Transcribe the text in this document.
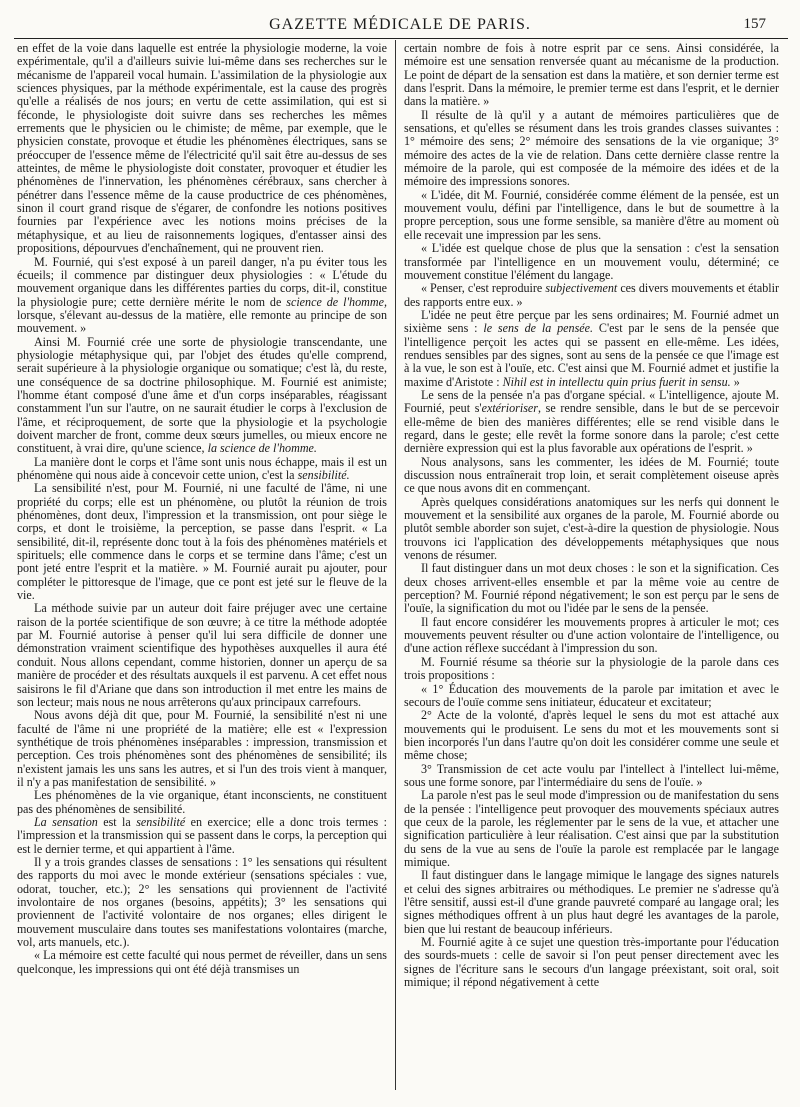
GAZETTE MÉDICALE DE PARIS.	157

en effet de la voie dans laquelle est entrée la physiologie moderne, la voie expérimentale, qu'il a d'ailleurs suivie lui-même dans ses recherches sur le mécanisme de l'appareil vocal humain. L'assimilation de la physiologie aux sciences physiques, par la méthode expérimentale, est la cause des progrès qu'elle a réalisés de nos jours; en vertu de cette assimilation, qui est si féconde, le physiologiste doit suivre dans ses recherches les mêmes errements que le physicien ou le chimiste; de même, par exemple, que le physicien constate, provoque et étudie les phénomènes électriques, sans se préoccuper de l'essence même de l'électricité qu'il sait être au-dessus de ses atteintes, de même le physiologiste doit constater, provoquer et étudier les phénomènes de l'innervation, les phénomènes cérébraux, sans chercher à pénétrer dans l'essence même de la cause productrice de ces phénomènes, sinon il court grand risque de s'égarer, de confondre les notions positives fournies par l'expérience avec les notions moins précises de la métaphysique, et au lieu de raisonnements logiques, d'entasser ainsi des propositions, dépourvues d'enchaînement, qui ne prouvent rien.

M. Fournié, qui s'est exposé à un pareil danger, n'a pu éviter tous les écueils; il commence par distinguer deux physiologies : « L'étude du mouvement organique dans les différentes parties du corps, dit-il, constitue la physiologie pure; cette dernière mérite le nom de science de l'homme, lorsque, s'élevant au-dessus de la matière, elle remonte au principe de son mouvement. »

Ainsi M. Fournié crée une sorte de physiologie transcendante, une physiologie métaphysique qui, par l'objet des études qu'elle comprend, serait supérieure à la physiologie organique ou somatique; c'est là, du reste, une conséquence de sa doctrine philosophique. M. Fournié est animiste; l'homme étant composé d'une âme et d'un corps inséparables, réagissant constamment l'un sur l'autre, on ne saurait étudier le corps à l'exclusion de l'âme, et réciproquement, de sorte que la physiologie et la psychologie doivent marcher de front, comme deux sœurs jumelles, ou mieux encore ne constituent, à vrai dire, qu'une science, la science de l'homme.

La manière dont le corps et l'âme sont unis nous échappe, mais il est un phénomène qui nous aide à concevoir cette union, c'est la sensibilité.

La sensibilité n'est, pour M. Fournié, ni une faculté de l'âme, ni une propriété du corps; elle est un phénomène, ou plutôt la réunion de trois phénomènes, dont deux, l'impression et la transmission, ont pour siège le corps, et dont le troisième, la perception, se passe dans l'esprit. « La sensibilité, dit-il, représente donc tout à la fois des phénomènes matériels et spirituels; elle commence dans le corps et se termine dans l'âme; c'est un pont jeté entre l'esprit et la matière. » M. Fournié aurait pu ajouter, pour compléter le pittoresque de l'image, que ce pont est jeté sur le fleuve de la vie.

La méthode suivie par un auteur doit faire préjuger avec une certaine raison de la portée scientifique de son œuvre; à ce titre la méthode adoptée par M. Fournié autorise à penser qu'il lui sera difficile de donner une démonstration vraiment scientifique des hypothèses auxquelles il aura été conduit. Nous allons cependant, comme historien, donner un aperçu de sa manière de procéder et des résultats auxquels il est parvenu. A cet effet nous saisirons le fil d'Ariane que dans son introduction il met entre les mains de son lecteur; mais nous ne nous arrêterons qu'aux principaux carrefours.

Nous avons déjà dit que, pour M. Fournié, la sensibilité n'est ni une faculté de l'âme ni une propriété de la matière; elle est « l'expression synthétique de trois phénomènes inséparables : impression, transmission et perception. Ces trois phénomènes sont des phénomènes de sensibilité; ils n'existent jamais les uns sans les autres, et si l'un des trois vient à manquer, il n'y a pas manifestation de sensibilité. »

Les phénomènes de la vie organique, étant inconscients, ne constituent pas des phénomènes de sensibilité.

La sensation est la sensibilité en exercice; elle a donc trois termes : l'impression et la transmission qui se passent dans le corps, la perception qui est le dernier terme, et qui appartient à l'âme.

Il y a trois grandes classes de sensations : 1° les sensations qui résultent des rapports du moi avec le monde extérieur (sensations spéciales : vue, odorat, toucher, etc.); 2° les sensations qui proviennent de l'activité involontaire de nos organes (besoins, appétits); 3° les sensations qui proviennent de l'activité volontaire de nos organes; elles dirigent le mouvement musculaire dans toutes ses manifestations volontaires (marche, vol, arts manuels, etc.).

« La mémoire est cette faculté qui nous permet de réveiller, dans un sens quelconque, les impressions qui ont été déjà transmises un

certain nombre de fois à notre esprit par ce sens. Ainsi considérée, la mémoire est une sensation renversée quant au mécanisme de la production. Le point de départ de la sensation est dans la matière, et son dernier terme est dans l'esprit. Dans la mémoire, le premier terme est dans l'esprit, et le dernier dans la matière. »

Il résulte de là qu'il y a autant de mémoires particulières que de sensations, et qu'elles se résument dans les trois grandes classes suivantes : 1° mémoire des sens; 2° mémoire des sensations de la vie organique; 3° mémoire des actes de la vie de relation. Dans cette dernière classe rentre la mémoire de la parole, qui est composée de la mémoire des idées et de la mémoire des impressions sonores.

« L'idée, dit M. Fournié, considérée comme élément de la pensée, est un mouvement voulu, défini par l'intelligence, dans le but de soumettre à la propre perception, sous une forme sensible, sa manière d'être au moment où elle recevait une impression par les sens.

« L'idée est quelque chose de plus que la sensation : c'est la sensation transformée par l'intelligence en un mouvement voulu, déterminé; ce mouvement constitue l'élément du langage.

« Penser, c'est reproduire subjectivement ces divers mouvements et établir des rapports entre eux. »

L'idée ne peut être perçue par les sens ordinaires; M. Fournié admet un sixième sens : le sens de la pensée. C'est par le sens de la pensée que l'intelligence perçoit les actes qui se passent en elle-même. Les idées, rendues sensibles par des signes, sont au sens de la pensée ce que l'image est à la vue, le son est à l'ouïe, etc. C'est ainsi que M. Fournié admet et justifie la maxime d'Aristote : Nihil est in intellectu quin prius fuerit in sensu. »

Le sens de la pensée n'a pas d'organe spécial. « L'intelligence, ajoute M. Fournié, peut s'extérioriser, se rendre sensible, dans le but de se percevoir elle-même de bien des manières différentes; elle se rend visible dans le regard, dans le geste; elle revêt la forme sonore dans la parole; c'est cette dernière expression qui est la plus favorable aux opérations de l'esprit. »

Nous analysons, sans les commenter, les idées de M. Fournié; toute discussion nous entraînerait trop loin, et serait complètement oiseuse après ce que nous avons dit en commençant.

Après quelques considérations anatomiques sur les nerfs qui donnent le mouvement et la sensibilité aux organes de la parole, M. Fournié aborde ou plutôt semble aborder son sujet, c'est-à-dire la question de physiologie. Nous trouvons ici l'application des développements métaphysiques que nous venons de résumer.

Il faut distinguer dans un mot deux choses : le son et la signification. Ces deux choses arrivent-elles ensemble et par la même voie au centre de perception? M. Fournié répond négativement; le son est perçu par le sens de l'ouïe, la signification du mot ou l'idée par le sens de la pensée.

Il faut encore considérer les mouvements propres à articuler le mot; ces mouvements peuvent résulter ou d'une action volontaire de l'intelligence, ou d'une action réflexe succédant à l'impression du son.

M. Fournié résume sa théorie sur la physiologie de la parole dans ces trois propositions :

« 1° Éducation des mouvements de la parole par imitation et avec le secours de l'ouïe comme sens initiateur, éducateur et excitateur;

2° Acte de la volonté, d'après lequel le sens du mot est attaché aux mouvements qui le produisent. Le sens du mot et les mouvements sont si bien incorporés l'un dans l'autre qu'on doit les considérer comme une seule et même chose;

3° Transmission de cet acte voulu par l'intellect à l'intellect lui-même, sous une forme sonore, par l'intermédiaire du sens de l'ouïe. »

La parole n'est pas le seul mode d'impression ou de manifestation du sens de la pensée : l'intelligence peut provoquer des mouvements spéciaux autres que ceux de la parole, les réglementer par le sens de la vue, et attacher une signification particulière à leur réalisation. C'est ainsi que par la substitution du sens de la vue au sens de l'ouïe la parole est remplacée par le langage mimique.

Il faut distinguer dans le langage mimique le langage des signes naturels et celui des signes arbitraires ou méthodiques. Le premier ne s'adresse qu'à l'être sensitif, aussi est-il d'une grande pauvreté comparé au langage oral; les signes méthodiques offrent à un plus haut degré les avantages de la parole, bien que lui restant de beaucoup inférieurs.

M. Fournié agite à ce sujet une question très-importante pour l'éducation des sourds-muets : celle de savoir si l'on peut penser directement avec les signes de l'écriture sans le secours d'un langage préexistant, soit oral, soit mimique; il répond négativement à cette
